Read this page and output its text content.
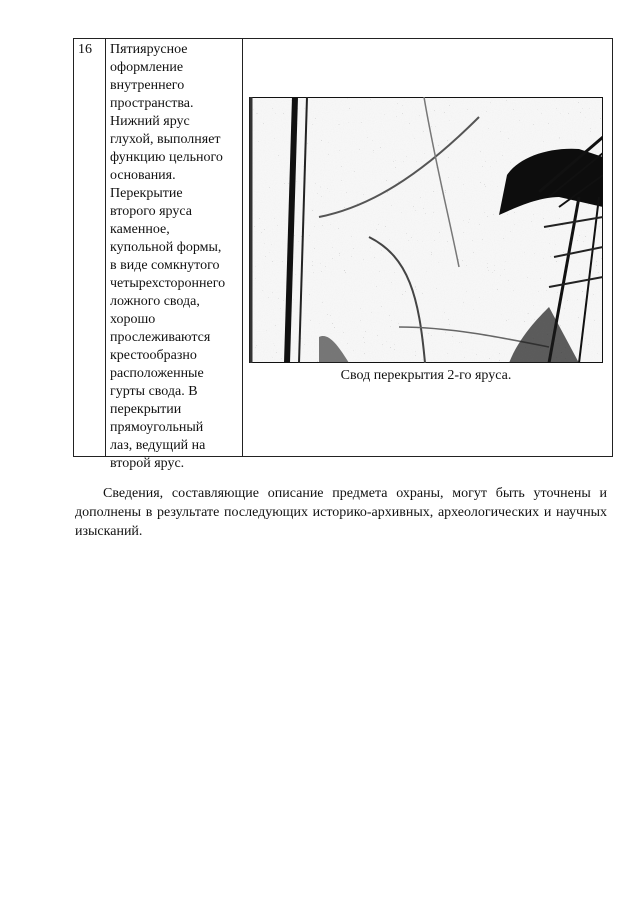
16 Пятиярусное
оформление
внутреннего
пространства.
Нижний ярус
глухой, выполняет
функцию цельного
основания.
Перекрытие
второго яруса
каменное,
купольной формы,
в виде сомкнутого
четырехстороннего
ложного свода,
хорошо
прослеживаются
крестообразно
расположенные
гурты свода. В
перекрытии
прямоугольный
лаз, ведущий на
второй ярус.

Свод перекрытия 2-го яруса.

Сведения, составляющие описание предмета охраны, могут быть уточнены и дополнены в результате последующих историко-архивных, археологических и научных изысканий.
